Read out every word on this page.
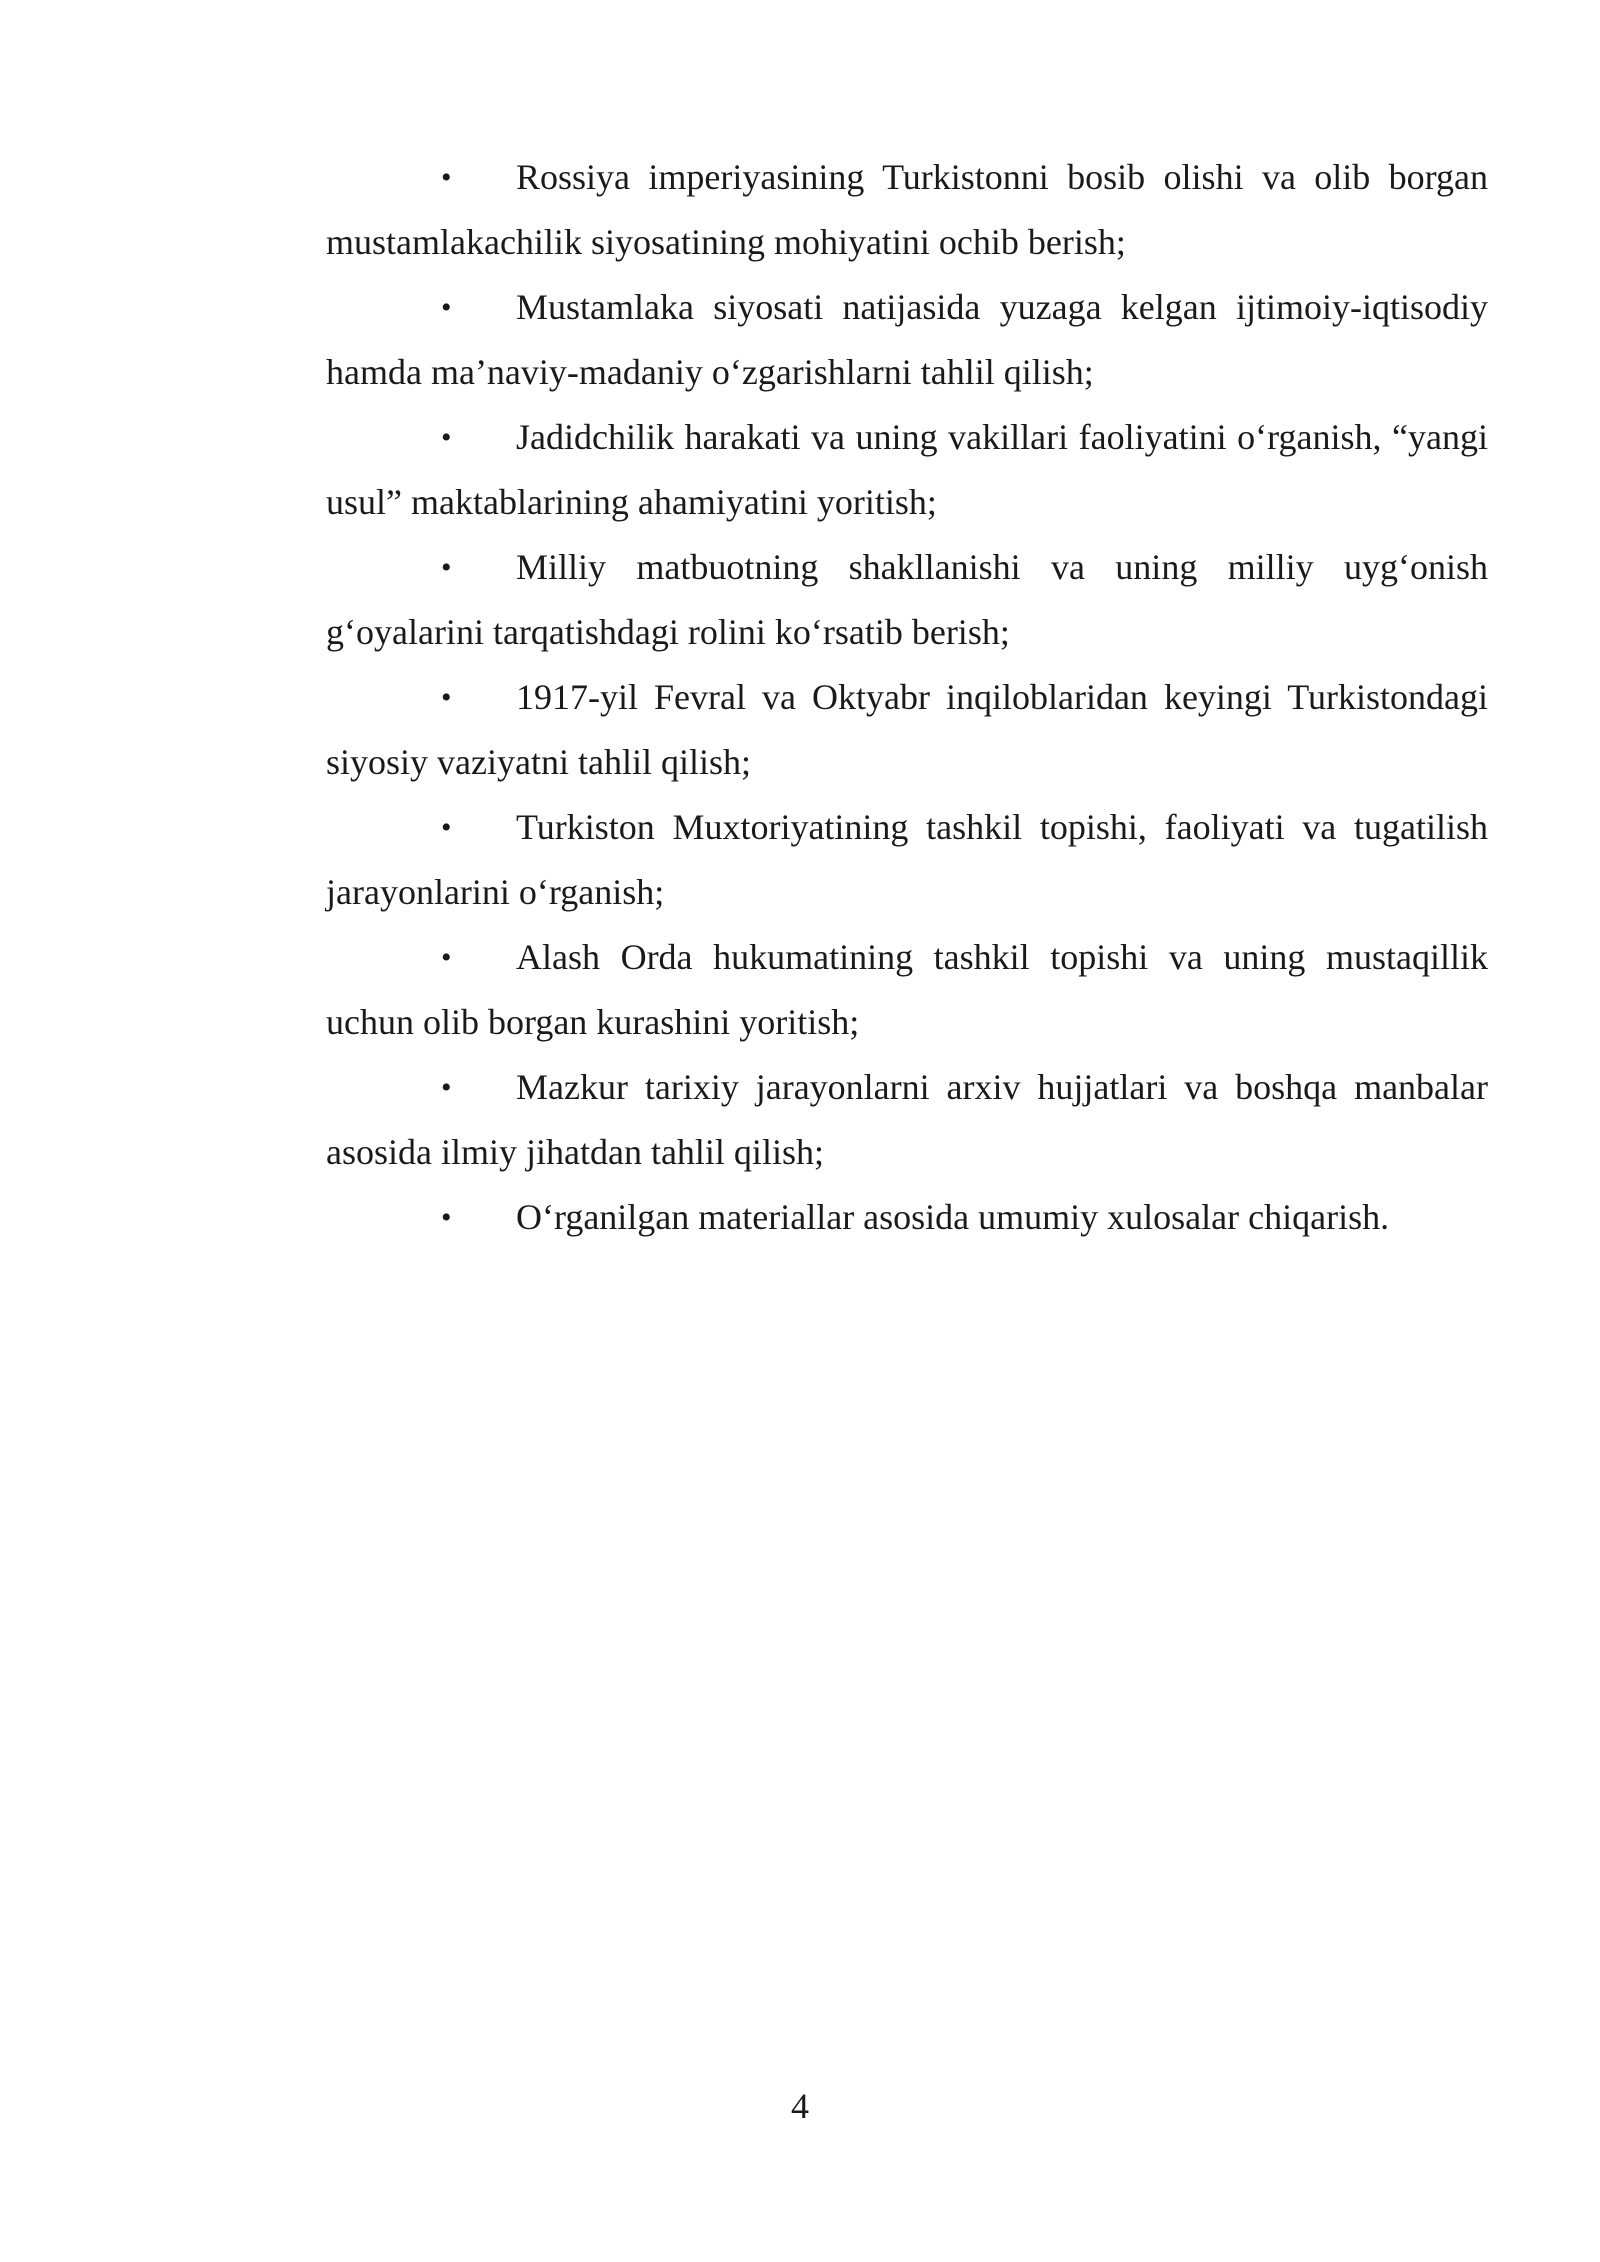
• Rossiya imperiyasining Turkistonni bosib olishi va olib borgan mustamlakachilik siyosatining mohiyatini ochib berish;

• Mustamlaka siyosati natijasida yuzaga kelgan ijtimoiy-iqtisodiy hamda ma’naviy-madaniy o‘zgarishlarni tahlil qilish;

• Jadidchilik harakati va uning vakillari faoliyatini o‘rganish, “yangi usul” maktablarining ahamiyatini yoritish;

• Milliy matbuotning shakllanishi va uning milliy uyg‘onish g‘oyalarini tarqatishdagi rolini ko‘rsatib berish;

• 1917-yil Fevral va Oktyabr inqiloblaridan keyingi Turkistondagi siyosiy vaziyatni tahlil qilish;

• Turkiston Muxtoriyatining tashkil topishi, faoliyati va tugatilish jarayonlarini o‘rganish;

• Alash Orda hukumatining tashkil topishi va uning mustaqillik uchun olib borgan kurashini yoritish;

• Mazkur tarixiy jarayonlarni arxiv hujjatlari va boshqa manbalar asosida ilmiy jihatdan tahlil qilish;

• O‘rganilgan materiallar asosida umumiy xulosalar chiqarish.

4
